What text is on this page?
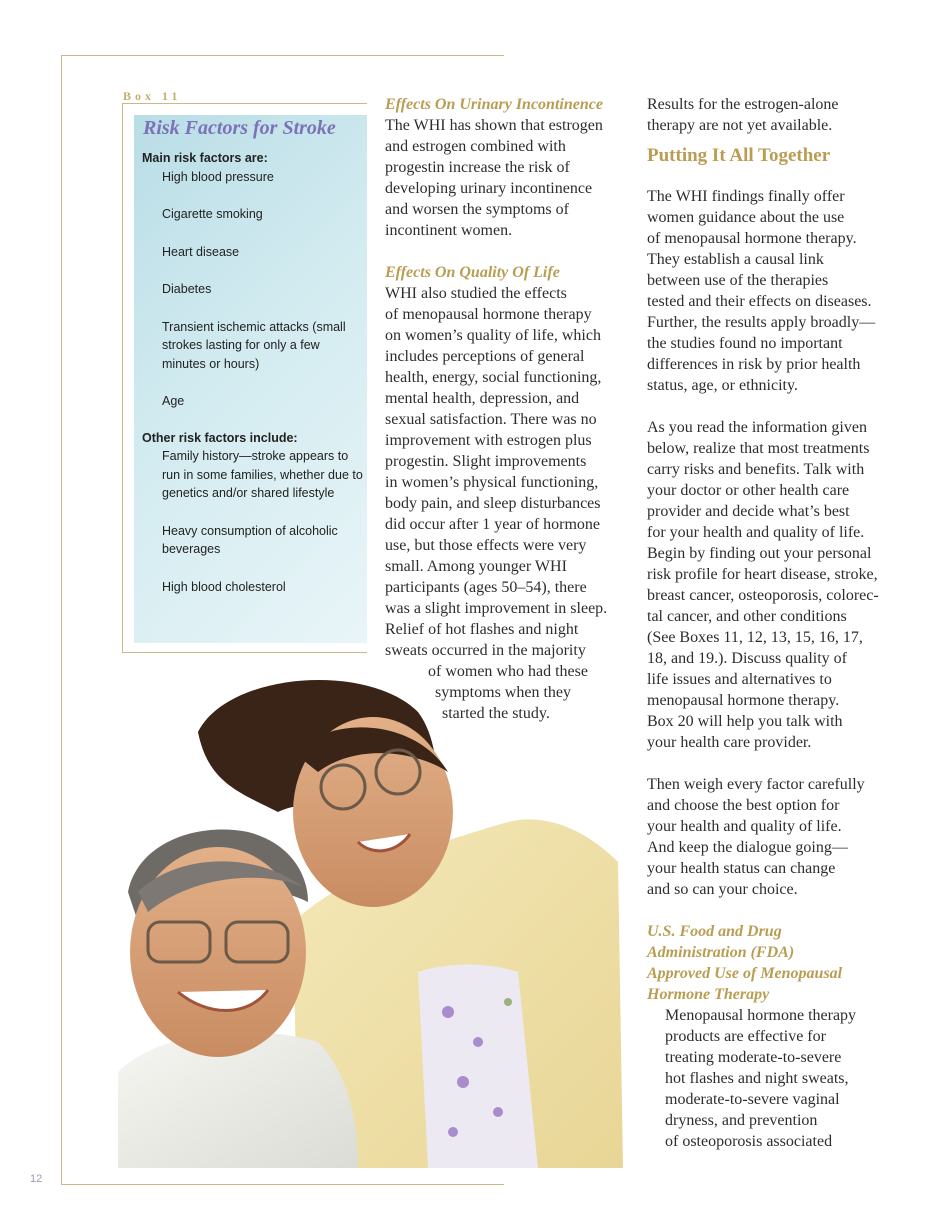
12
Box 11
Risk Factors for Stroke

Main risk factors are:

High blood pressure

Cigarette smoking

Heart disease

Diabetes

Transient ischemic attacks (small strokes lasting for only a few minutes or hours)

Age

Other risk factors include:

Family history—stroke appears to run in some families, whether due to genetics and/or shared lifestyle

Heavy consumption of alcoholic beverages

High blood cholesterol

Effects On Urinary Incontinence

The WHI has shown that estrogen

and estrogen combined with

progestin increase the risk of

developing urinary incontinence

and worsen the symptoms of

incontinent women.

Effects On Quality Of Life

WHI also studied the effects

of menopausal hormone therapy

on women’s quality of life, which

includes perceptions of general

health, energy, social functioning,

mental health, depression, and

sexual satisfaction. There was no

improvement with estrogen plus

progestin. Slight improvements

in women’s physical functioning,

body pain, and sleep disturbances

did occur after 1 year of hormone

use, but those effects were very

small. Among younger WHI

participants (ages 50–54), there

was a slight improvement in sleep.

Relief of hot flashes and night

sweats occurred in the majority

of women who had these

symptoms when they

started the study.

Results for the estrogen-alone

therapy are not yet available.

Putting It All Together

The WHI findings finally offer

women guidance about the use

of menopausal hormone therapy.

They establish a causal link

between use of the therapies

tested and their effects on diseases.

Further, the results apply broadly—

the studies found no important

differences in risk by prior health

status, age, or ethnicity.

As you read the information given

below, realize that most treatments

carry risks and benefits. Talk with

your doctor or other health care

provider and decide what’s best

for your health and quality of life.

Begin by finding out your personal

risk profile for heart disease, stroke,

breast cancer, osteoporosis, colorec-

tal cancer, and other conditions

(See Boxes 11, 12, 13, 15, 16, 17,

18, and 19.). Discuss quality of

life issues and alternatives to

menopausal hormone therapy.

Box 20 will help you talk with

your health care provider.

Then weigh every factor carefully

and choose the best option for

your health and quality of life.

And keep the dialogue going—

your health status can change

and so can your choice.

U.S. Food and Drug

Administration (FDA)

Approved Use of Menopausal

Hormone Therapy

Menopausal hormone therapy

products are effective for

treating moderate-to-severe

hot flashes and night sweats,

moderate-to-severe vaginal

dryness, and prevention

of osteoporosis associated
